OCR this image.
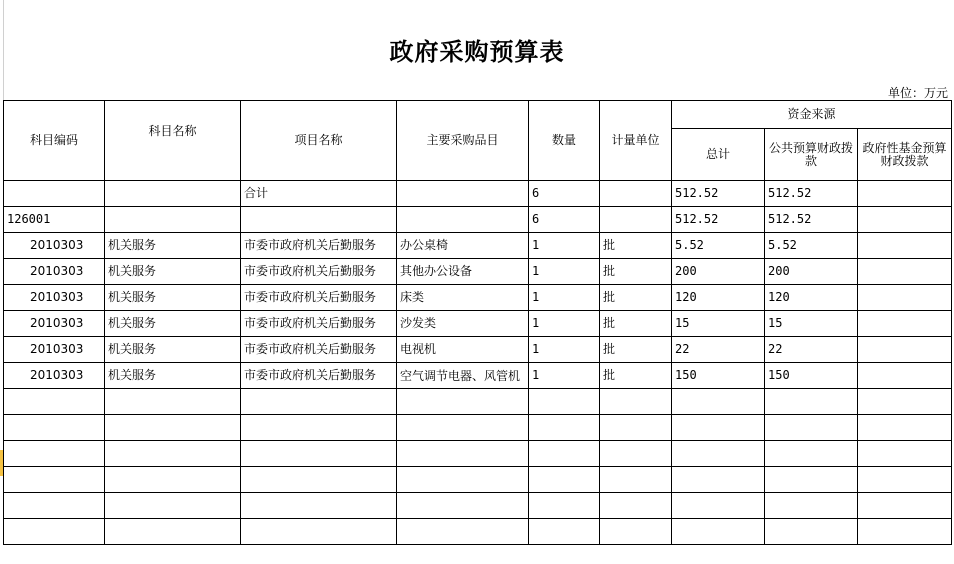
政府采购预算表
单位：万元
科目编码	科目名称	项目名称	主要采购品目	数量	计量单位	资金来源		
						总计	公共预算财政拨款	政府性基金预算财政拨款

		合计		6		512.52	512.52	
126001				6		512.52	512.52	
2010303	机关服务	市委市政府机关后勤服务	办公桌椅	1	批	5.52	5.52	
2010303	机关服务	市委市政府机关后勤服务	其他办公设备	1	批	200	200	
2010303	机关服务	市委市政府机关后勤服务	床类	1	批	120	120	
2010303	机关服务	市委市政府机关后勤服务	沙发类	1	批	15	15	
2010303	机关服务	市委市政府机关后勤服务	电视机	1	批	22	22	
2010303	机关服务	市委市政府机关后勤服务	空气调节电器、风管机	1	批	150	150	
